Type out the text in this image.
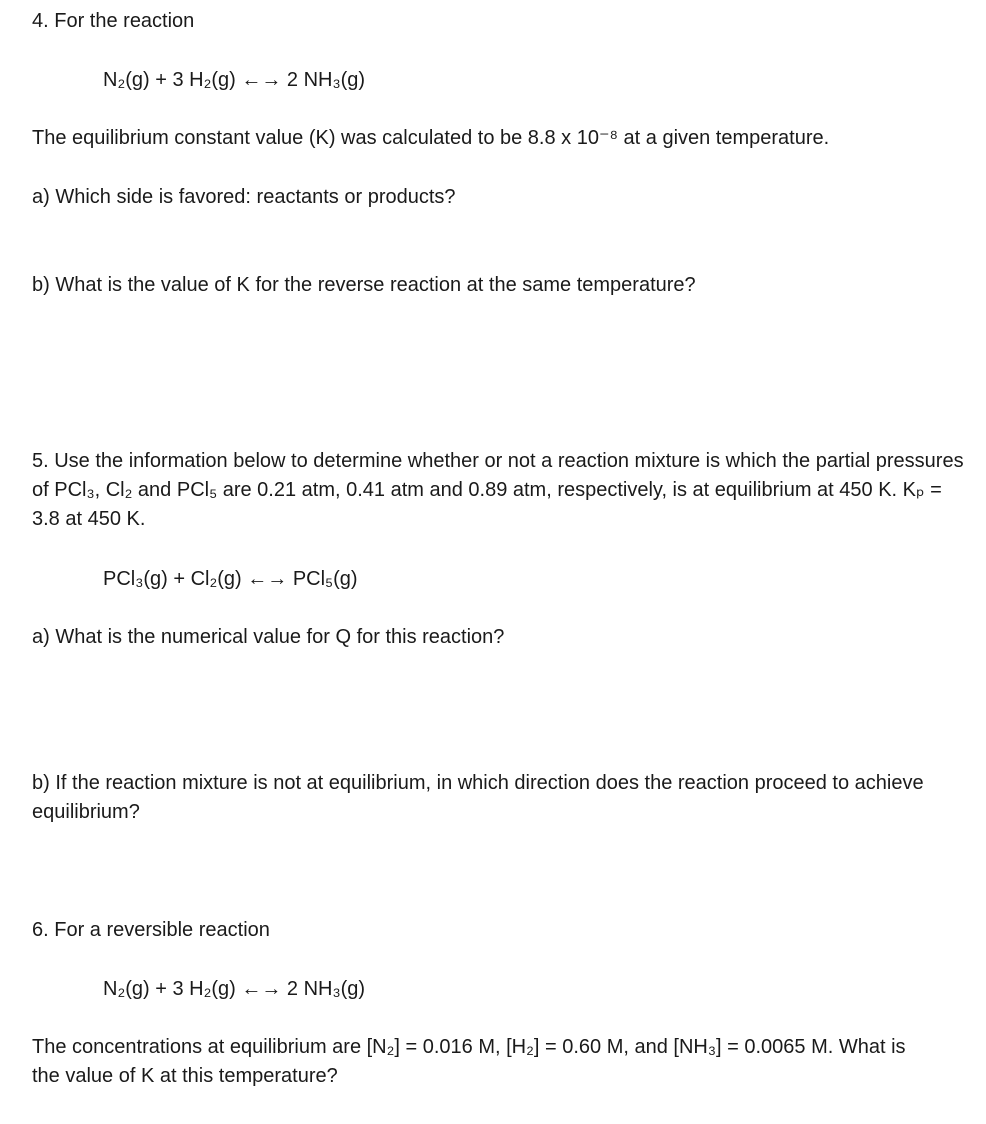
4. For the reaction
N₂(g) + 3 H₂(g) ←→ 2 NH₃(g)
The equilibrium constant value (K) was calculated to be 8.8 x 10⁻⁸ at a given temperature.
a) Which side is favored: reactants or products?
b) What is the value of K for the reverse reaction at the same temperature?
5. Use the information below to determine whether or not a reaction mixture is which the partial pressures of PCl₃, Cl₂ and PCl₅ are 0.21 atm, 0.41 atm and 0.89 atm, respectively, is at equilibrium at 450 K. Kₚ = 3.8 at 450 K.
PCl₃(g) + Cl₂(g) ←→ PCl₅(g)
a) What is the numerical value for Q for this reaction?
b) If the reaction mixture is not at equilibrium, in which direction does the reaction proceed to achieve equilibrium?
6. For a reversible reaction
N₂(g) + 3 H₂(g) ←→ 2 NH₃(g)
The concentrations at equilibrium are [N₂] = 0.016 M, [H₂] = 0.60 M, and [NH₃] = 0.0065 M. What is the value of K at this temperature?
